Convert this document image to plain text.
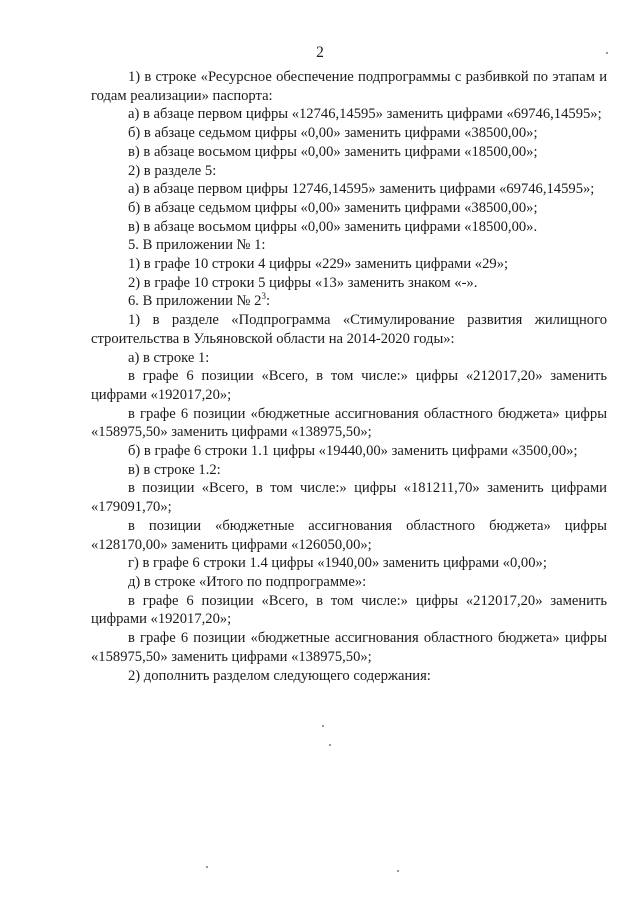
2

1) в строке «Ресурсное обеспечение подпрограммы с разбивкой по этапам и годам реализации» паспорта:

а) в абзаце первом цифры «12746,14595» заменить цифрами «69746,14595»;

б) в абзаце седьмом цифры «0,00» заменить цифрами «38500,00»;

в) в абзаце восьмом цифры «0,00» заменить цифрами «18500,00»;

2) в разделе 5:

а) в абзаце первом цифры 12746,14595» заменить цифрами «69746,14595»;

б) в абзаце седьмом цифры «0,00» заменить цифрами «38500,00»;

в) в абзаце восьмом цифры «0,00» заменить цифрами «18500,00».

5. В приложении № 1:

1) в графе 10 строки 4 цифры «229» заменить цифрами «29»;

2) в графе 10 строки 5 цифры «13» заменить знаком «-».

6. В приложении № $2^3$:

1) в разделе «Подпрограмма «Стимулирование развития жилищного строительства в Ульяновской области на 2014-2020 годы»:

а) в строке 1:

в графе 6 позиции «Всего, в том числе:» цифры «212017,20» заменить цифрами «192017,20»;

в графе 6 позиции «бюджетные ассигнования областного бюджета» цифры «158975,50» заменить цифрами «138975,50»;

б) в графе 6 строки 1.1 цифры «19440,00» заменить цифрами «3500,00»;

в) в строке 1.2:

в позиции «Всего, в том числе:» цифры «181211,70» заменить цифрами «179091,70»;

в позиции «бюджетные ассигнования областного бюджета» цифры «128170,00» заменить цифрами «126050,00»;

г) в графе 6 строки 1.4 цифры «1940,00» заменить цифрами «0,00»;

д) в строке «Итого по подпрограмме»:

в графе 6 позиции «Всего, в том числе:» цифры «212017,20» заменить цифрами «192017,20»;

в графе 6 позиции «бюджетные ассигнования областного бюджета» цифры «158975,50» заменить цифрами «138975,50»;

2) дополнить разделом следующего содержания:
